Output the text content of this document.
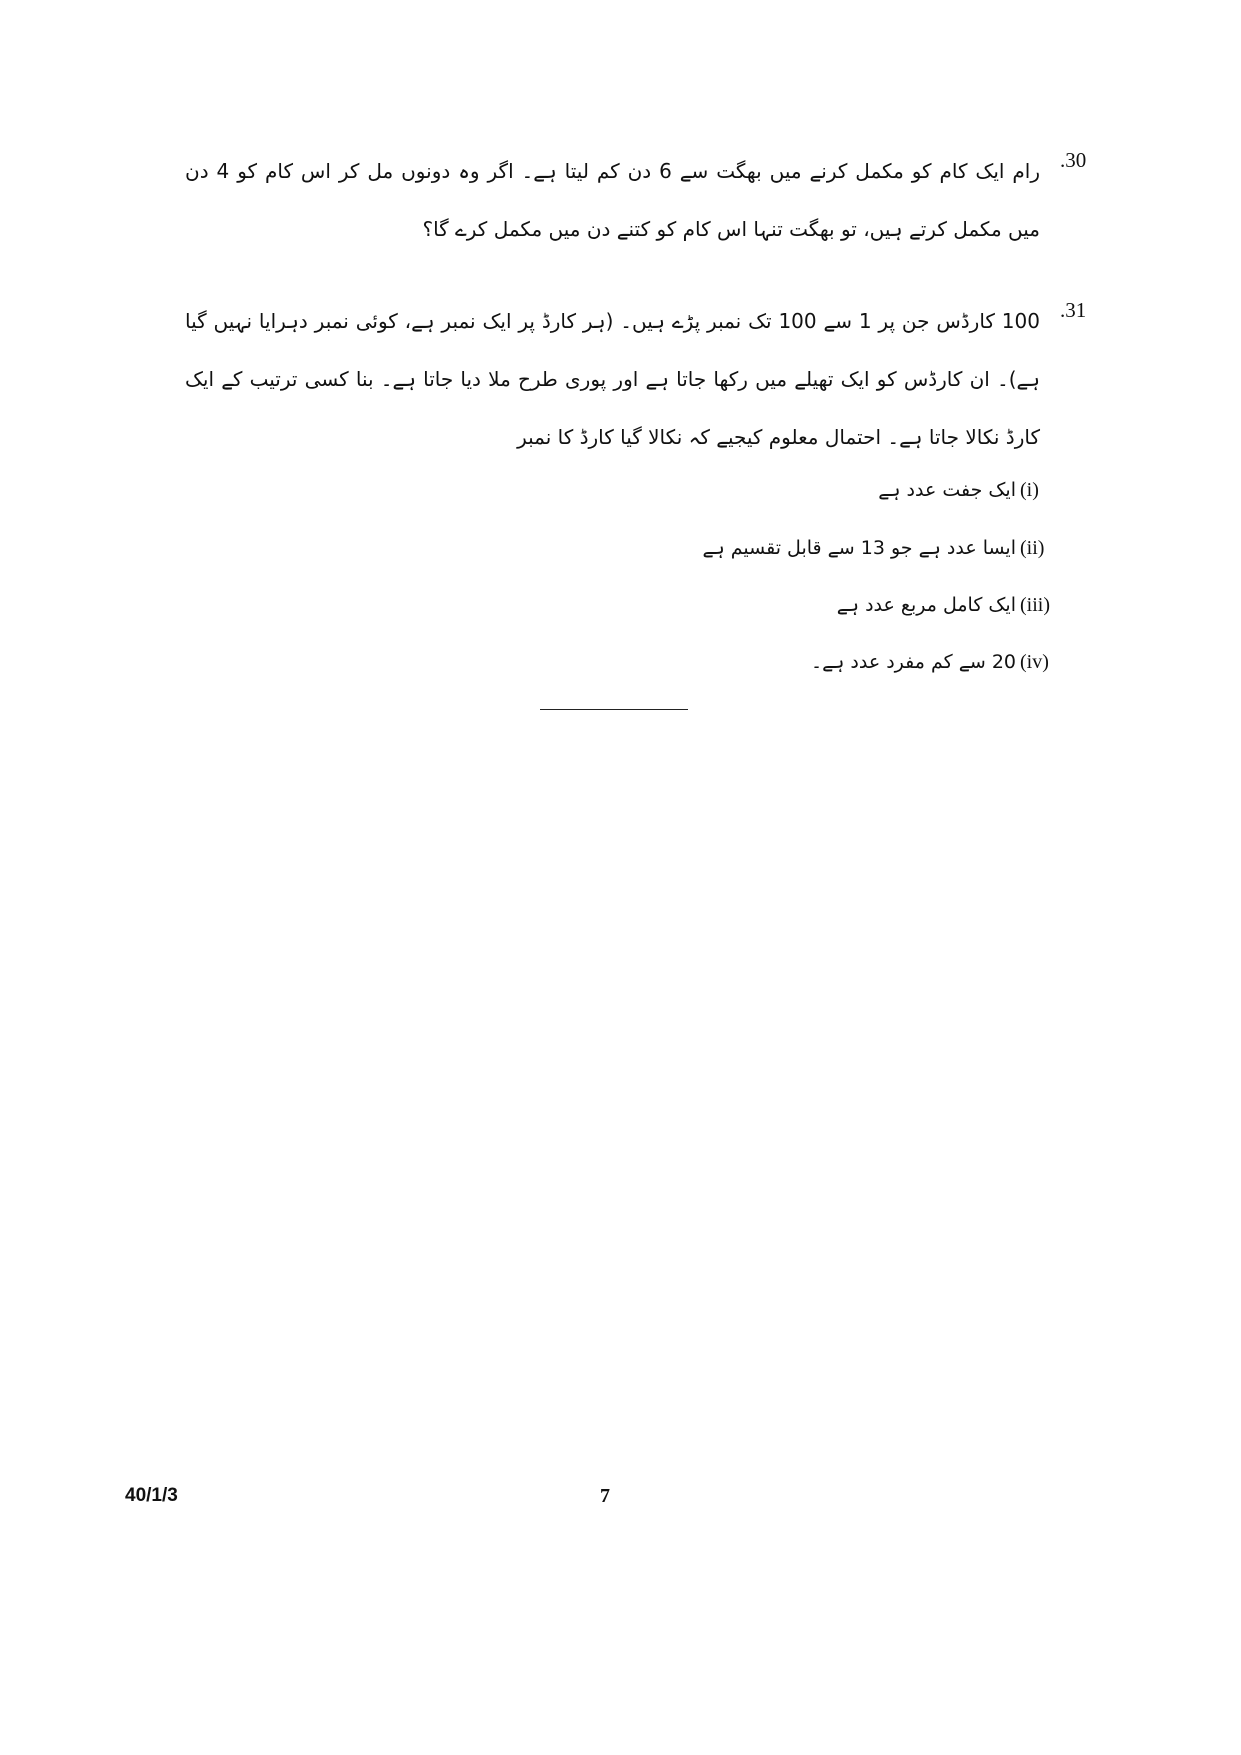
.30
رام ایک کام کو مکمل کرنے میں بھگت سے 6 دن کم لیتا ہے۔ اگر وہ دونوں مل کر اس کام کو 4 دن میں مکمل کرتے ہیں، تو بھگت تنہا اس کام کو کتنے دن میں مکمل کرے گا؟
.31
100 کارڈس جن پر 1 سے 100 تک نمبر پڑے ہیں۔ (ہر کارڈ پر ایک نمبر ہے، کوئی نمبر دہرایا نہیں گیا ہے)۔ ان کارڈس کو ایک تھیلے میں رکھا جاتا ہے اور پوری طرح ملا دیا جاتا ہے۔ بنا کسی ترتیب کے ایک کارڈ نکالا جاتا ہے۔ احتمال معلوم کیجیے کہ نکالا گیا کارڈ کا نمبر
(i)
ایک جفت عدد ہے
(ii)
ایسا عدد ہے جو 13 سے قابل تقسیم ہے
(iii)
ایک کامل مربع عدد ہے
(iv)
20 سے کم مفرد عدد ہے۔
40/1/3	7
